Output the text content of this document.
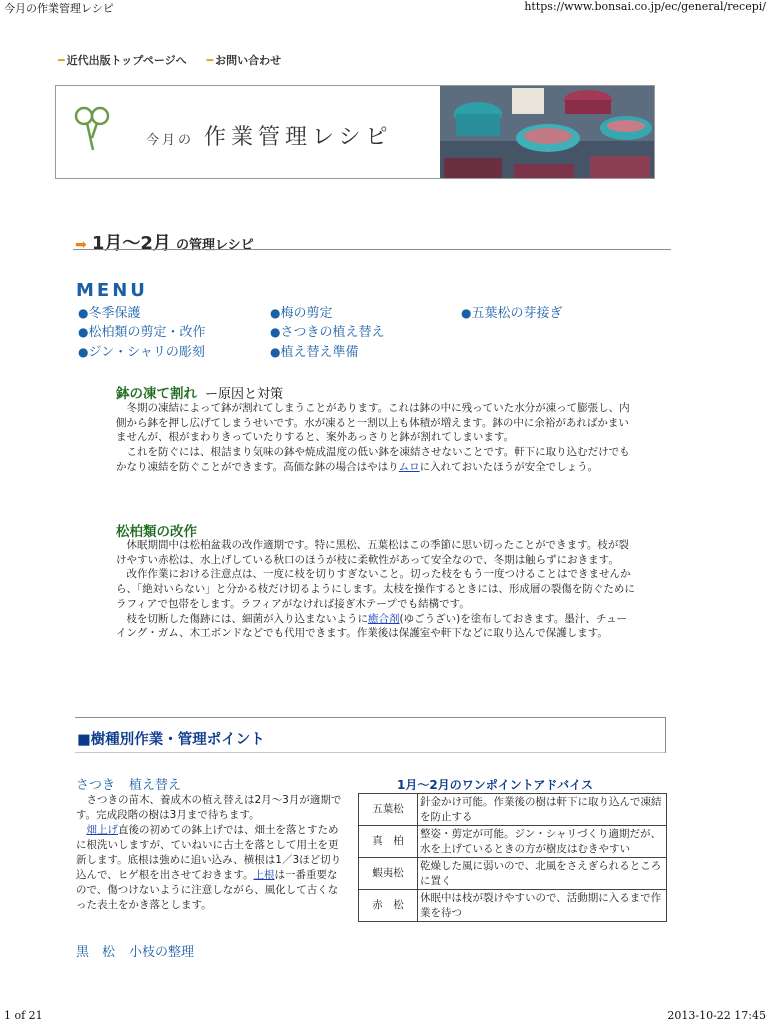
今月の作業管理レシピ	https://www.bonsai.co.jp/ec/general/recepi/
━ 近代出版トップページへ ━ お問い合わせ
今月の 作業管理レシピ
➡ 1月～2月 の管理レシピ
MENU
●冬季保護	●梅の剪定	●五葉松の芽接ぎ
●松柏類の剪定・改作	●さつきの植え替え
●ジン・シャリの彫刻	●植え替え準備
鉢の凍て割れ ー原因と対策

冬期の凍結によって鉢が割れてしまうことがあります。これは鉢の中に残っていた水分が凍って膨張し、内側から鉢を押し広げてしまうせいです。水が凍ると一割以上も体積が増えます。鉢の中に余裕があればかまいませんが、根がまわりきっていたりすると、案外あっさりと鉢が割れてしまいます。

これを防ぐには、根詰まり気味の鉢や焼成温度の低い鉢を凍結させないことです。軒下に取り込むだけでもかなり凍結を防ぐことができます。高価な鉢の場合はやはりムロに入れておいたほうが安全でしょう。

松柏類の改作

休眠期間中は松柏盆栽の改作適期です。特に黒松、五葉松はこの季節に思い切ったことができます。枝が裂けやすい赤松は、水上げしている秋口のほうが枝に柔軟性があって安全なので、冬期は触らずにおきます。

改作作業における注意点は、一度に枝を切りすぎないこと。切った枝をもう一度つけることはできませんから、「絶対いらない」と分かる枝だけ切るようにします。太枝を操作するときには、形成層の裂傷を防ぐためにラフィアで包帯をします。ラフィアがなければ接ぎ木テープでも結構です。

枝を切断した傷跡には、細菌が入り込まないように癒合剤(ゆごうざい)を塗布しておきます。墨汁、チューイング・ガム、木工ボンドなどでも代用できます。作業後は保護室や軒下などに取り込んで保護します。

■樹種別作業・管理ポイント
さつき 植え替え

さつきの苗木、養成木の植え替えは2月～3月が適期です。完成段階の樹は3月まで待ちます。

畑上げ直後の初めての鉢上げでは、畑土を落とすために根洗いしますが、ていねいに古土を落として用土を更新します。底根は強めに追い込み、横根は1／3ほど切り込んで、ヒゲ根を出させておきます。上根は一番重要なので、傷つけないように注意しながら、風化して古くなった表土をかき落とします。

黒　松 小枝の整理
1月～2月のワンポイントアドバイス
五葉松	針金かけ可能。作業後の樹は軒下に取り込んで凍結を防止する
真　柏	整姿・剪定が可能。ジン・シャリづくり適期だが、水を上げているときの方が樹皮はむきやすい
蝦夷松	乾燥した風に弱いので、北風をさえぎられるところに置く
赤　松	休眠中は枝が裂けやすいので、活動期に入るまで作業を待つ
1 of 21	2013-10-22 17:45
